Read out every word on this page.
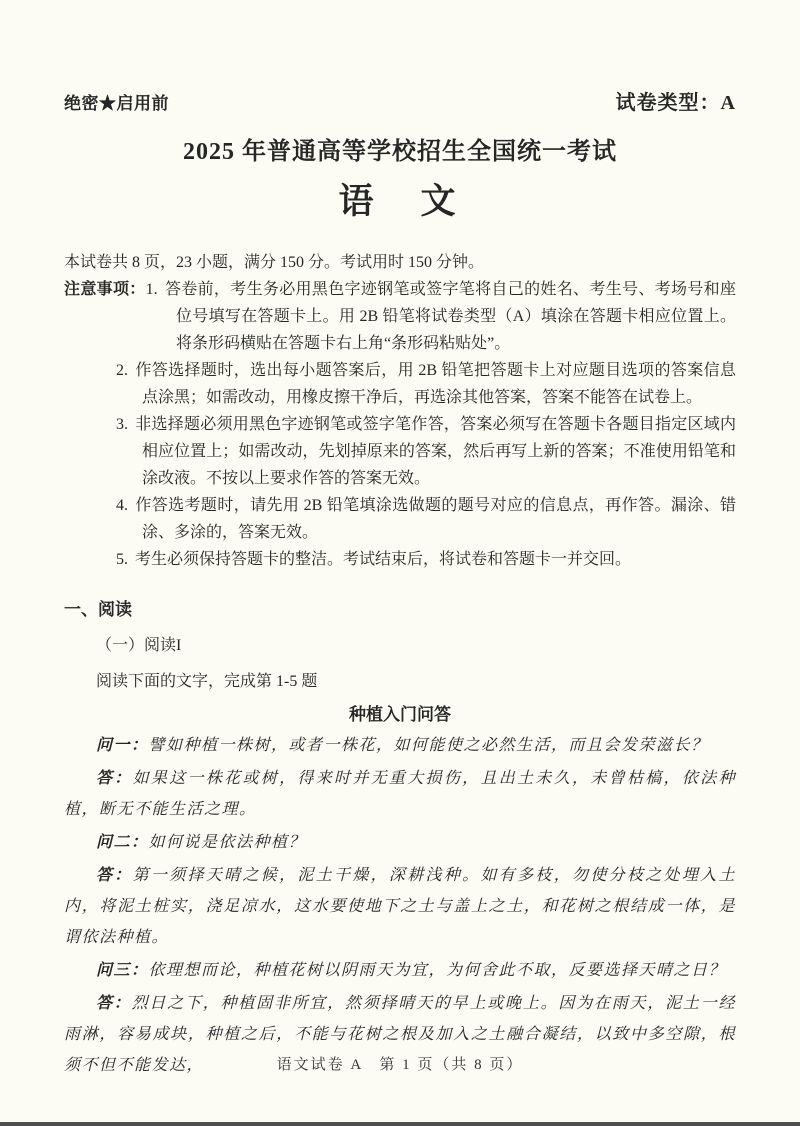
绝密★启用前	试卷类型：A
2025 年普通高等学校招生全国统一考试
语　文

本试卷共 8 页，23 小题，满分 150 分。考试用时 150 分钟。

注意事项：1. 答卷前，考生务必用黑色字迹钢笔或签字笔将自己的姓名、考生号、考场号和座位号填写在答题卡上。用 2B 铅笔将试卷类型（A）填涂在答题卡相应位置上。将条形码横贴在答题卡右上角“条形码粘贴处”。

2. 作答选择题时，选出每小题答案后，用 2B 铅笔把答题卡上对应题目选项的答案信息点涂黑；如需改动，用橡皮擦干净后，再选涂其他答案，答案不能答在试卷上。

3. 非选择题必须用黑色字迹钢笔或签字笔作答，答案必须写在答题卡各题目指定区域内相应位置上；如需改动，先划掉原来的答案，然后再写上新的答案；不准使用铅笔和涂改液。不按以上要求作答的答案无效。

4. 作答选考题时，请先用 2B 铅笔填涂选做题的题号对应的信息点，再作答。漏涂、错涂、多涂的，答案无效。

5. 考生必须保持答题卡的整洁。考试结束后，将试卷和答题卡一并交回。

一、阅读

（一）阅读I

阅读下面的文字，完成第 1-5 题

种植入门问答

问一：譬如种植一株树，或者一株花，如何能使之必然生活，而且会发荣滋长？

答：如果这一株花或树，得来时并无重大损伤，且出土未久，未曾枯槁，依法种植，断无不能生活之理。

问二：如何说是依法种植？

答：第一须择天晴之候，泥土干燥，深耕浅种。如有多枝，勿使分枝之处埋入土内，将泥土桩实，浇足凉水，这水要使地下之土与盖上之土，和花树之根结成一体，是谓依法种植。

问三：依理想而论，种植花树以阴雨天为宜，为何舍此不取，反要选择天晴之日？

答：烈日之下，种植固非所宜，然须择晴天的早上或晚上。因为在雨天，泥土一经雨淋，容易成块，种植之后，不能与花树之根及加入之土融合凝结，以致中多空隙，根须不但不能发达，	语文试卷 A　第 1 页（共 8 页）
